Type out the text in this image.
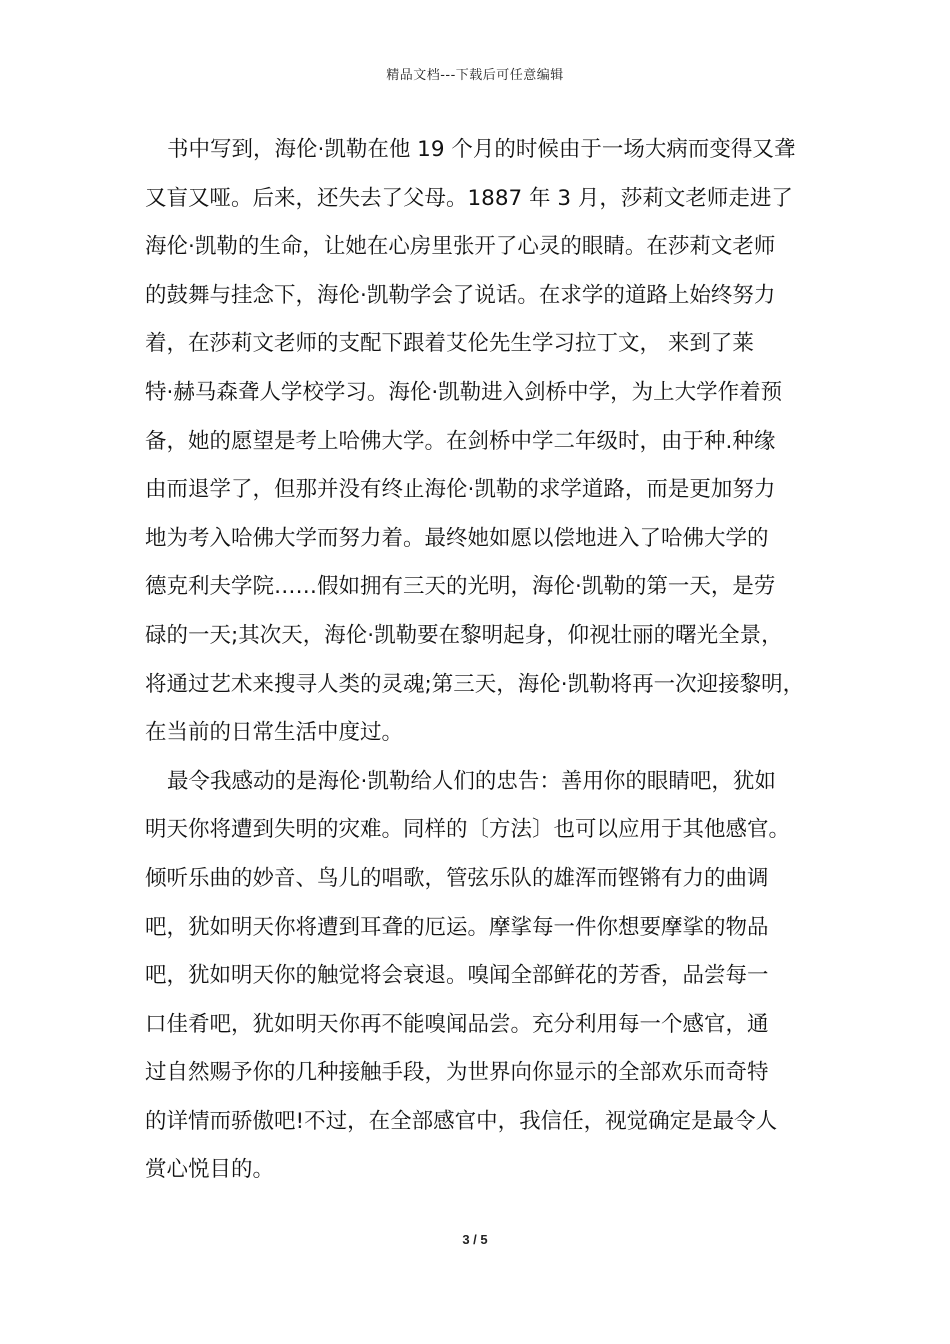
精品文档---下载后可任意编辑
书中写到，海伦·凯勒在他 19 个月的时候由于一场大病而变得又聋
又盲又哑。后来，还失去了父母。1887 年 3 月，莎莉文老师走进了
海伦·凯勒的生命，让她在心房里张开了心灵的眼睛。在莎莉文老师
的鼓舞与挂念下，海伦·凯勒学会了说话。在求学的道路上始终努力
着，在莎莉文老师的支配下跟着艾伦先生学习拉丁文， 来到了莱
特·赫马森聋人学校学习。海伦·凯勒进入剑桥中学，为上大学作着预
备，她的愿望是考上哈佛大学。在剑桥中学二年级时，由于种.种缘
由而退学了，但那并没有终止海伦·凯勒的求学道路，而是更加努力
地为考入哈佛大学而努力着。最终她如愿以偿地进入了哈佛大学的
德克利夫学院……假如拥有三天的光明，海伦·凯勒的第一天，是劳
碌的一天;其次天，海伦·凯勒要在黎明起身，仰视壮丽的曙光全景，
将通过艺术来搜寻人类的灵魂;第三天，海伦·凯勒将再一次迎接黎明，
在当前的日常生活中度过。
最令我感动的是海伦·凯勒给人们的忠告：善用你的眼睛吧，犹如
明天你将遭到失明的灾难。同样的〔方法〕也可以应用于其他感官。
倾听乐曲的妙音、鸟儿的唱歌，管弦乐队的雄浑而铿锵有力的曲调
吧，犹如明天你将遭到耳聋的厄运。摩挲每一件你想要摩挲的物品
吧，犹如明天你的触觉将会衰退。嗅闻全部鲜花的芳香，品尝每一
口佳肴吧，犹如明天你再不能嗅闻品尝。充分利用每一个感官，通
过自然赐予你的几种接触手段，为世界向你显示的全部欢乐而奇特
的详情而骄傲吧!不过，在全部感官中，我信任，视觉确定是最令人
赏心悦目的。
3 / 5
